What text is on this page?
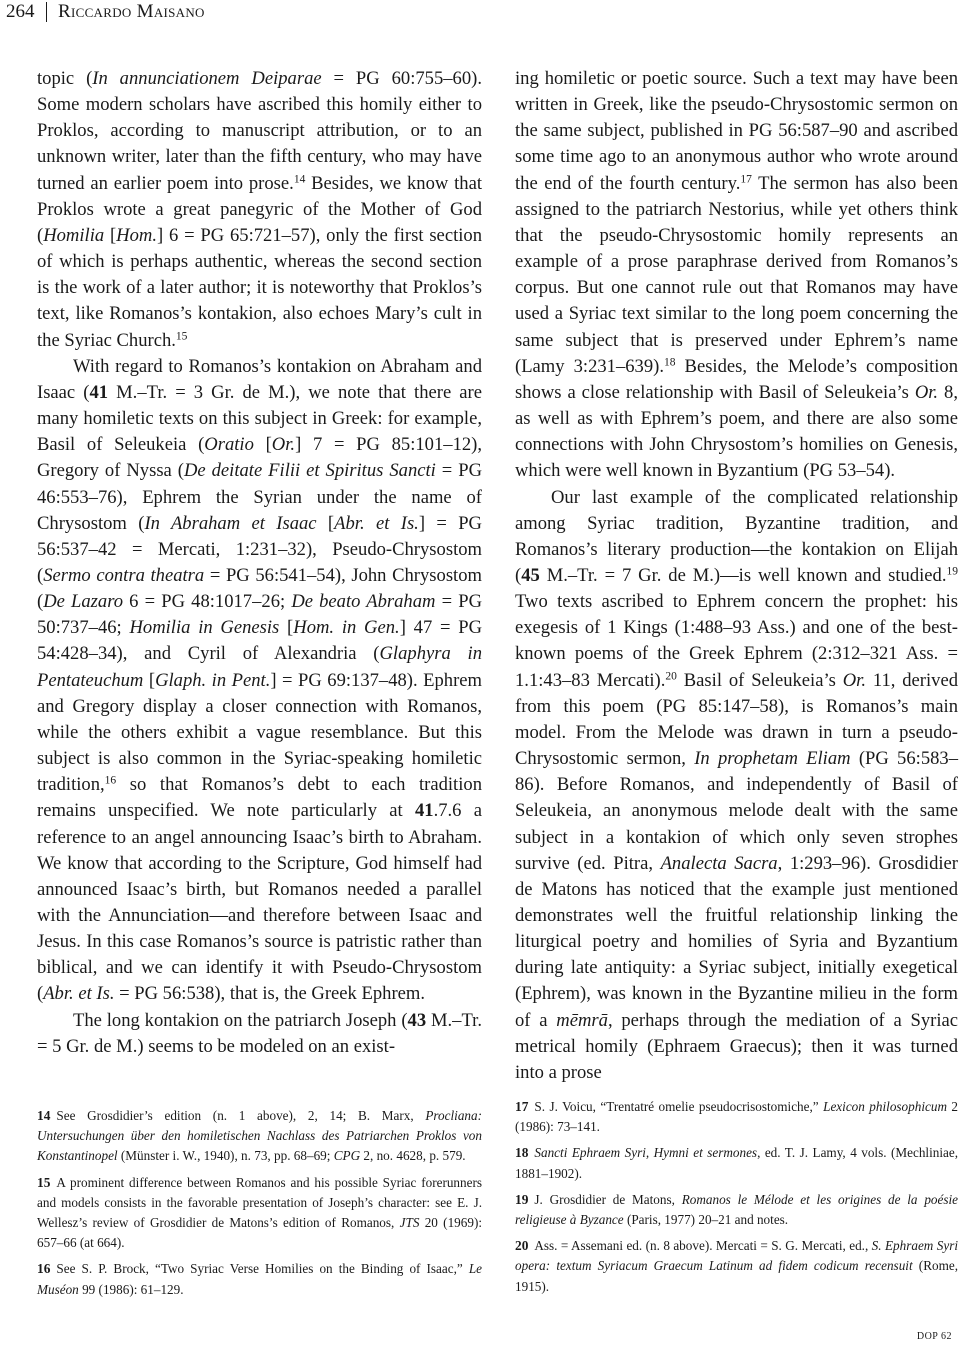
264 Riccardo Maisano

topic (In annunciationem Deiparae = PG 60:755–60). Some modern scholars have ascribed this homily either to Proklos, according to manuscript attribution, or to an unknown writer, later than the fifth century, who may have turned an earlier poem into prose.$^{14}$ Besides, we know that Proklos wrote a great panegyric of the Mother of God (Homilia [Hom.] 6 = PG 65:721–57), only the first section of which is perhaps authentic, whereas the second section is the work of a later author; it is noteworthy that Proklos’s text, like Romanos’s kontakion, also echoes Mary’s cult in the Syriac Church.$^{15}$

With regard to Romanos’s kontakion on Abraham and Isaac (41 M.–Tr. = 3 Gr. de M.), we note that there are many homiletic texts on this subject in Greek: for example, Basil of Seleukeia (Oratio [Or.] 7 = PG 85:101–12), Gregory of Nyssa (De deitate Filii et Spiritus Sancti = PG 46:553–76), Ephrem the Syrian under the name of Chrysostom (In Abraham et Isaac [Abr. et Is.] = PG 56:537–42 = Mercati, 1:231–32), Pseudo-Chrysostom (Sermo contra theatra = PG 56:541–54), John Chrysostom (De Lazaro 6 = PG 48:1017–26; De beato Abraham = PG 50:737–46; Homilia in Genesis [Hom. in Gen.] 47 = PG 54:428–34), and Cyril of Alexandria (Glaphyra in Pentateuchum [Glaph. in Pent.] = PG 69:137–48). Ephrem and Gregory display a closer connection with Romanos, while the others exhibit a vague resemblance. But this subject is also common in the Syriac-speaking homiletic tradition,$^{16}$ so that Romanos’s debt to each tradition remains unspecified. We note particularly at 41.7.6 a reference to an angel announcing Isaac’s birth to Abraham. We know that according to the Scripture, God himself had announced Isaac’s birth, but Romanos needed a parallel with the Annunciation—and therefore between Isaac and Jesus. In this case Romanos’s source is patristic rather than biblical, and we can identify it with Pseudo-Chrysostom (Abr. et Is. = PG 56:538), that is, the Greek Ephrem.

The long kontakion on the patriarch Joseph (43 M.–Tr. = 5 Gr. de M.) seems to be modeled on an exist-

ing homiletic or poetic source. Such a text may have been written in Greek, like the pseudo-Chrysostomic sermon on the same subject, published in PG 56:587–90 and ascribed some time ago to an anonymous author who wrote around the end of the fourth century.$^{17}$ The sermon has also been assigned to the patriarch Nestorius, while yet others think that the pseudo-Chrysostomic homily represents an example of a prose paraphrase derived from Romanos’s corpus. But one cannot rule out that Romanos may have used a Syriac text similar to the long poem concerning the same subject that is preserved under Ephrem’s name (Lamy 3:231–639).$^{18}$ Besides, the Melode’s composition shows a close relationship with Basil of Seleukeia’s Or. 8, as well as with Ephrem’s poem, and there are also some connections with John Chrysostom’s homilies on Genesis, which were well known in Byzantium (PG 53–54).

Our last example of the complicated relationship among Syriac tradition, Byzantine tradition, and Romanos’s literary production—the kontakion on Elijah (45 M.–Tr. = 7 Gr. de M.)—is well known and studied.$^{19}$ Two texts ascribed to Ephrem concern the prophet: his exegesis of 1 Kings (1:488–93 Ass.) and one of the best-known poems of the Greek Ephrem (2:312–321 Ass. = 1.1:43–83 Mercati).$^{20}$ Basil of Seleukeia’s Or. 11, derived from this poem (PG 85:147–58), is Romanos’s main model. From the Melode was drawn in turn a pseudo-Chrysostomic sermon, In prophetam Eliam (PG 56:583–86). Before Romanos, and independently of Basil of Seleukeia, an anonymous melode dealt with the same subject in a kontakion of which only seven strophes survive (ed. Pitra, Analecta Sacra, 1:293–96). Grosdidier de Matons has noticed that the example just mentioned demonstrates well the fruitful relationship linking the liturgical poetry and homilies of Syria and Byzantium during late antiquity: a Syriac subject, initially exegetical (Ephrem), was known in the Byzantine milieu in the form of a mēmrā, perhaps through the mediation of a Syriac metrical homily (Ephraem Graecus); then it was turned into a prose

14 See Grosdidier’s edition (n. 1 above), 2, 14; B. Marx, Procliana: Untersuchungen über den homiletischen Nachlass des Patriarchen Proklos von Konstantinopel (Münster i. W., 1940), n. 73, pp. 68–69; CPG 2, no. 4628, p. 579.

15 A prominent difference between Romanos and his possible Syriac forerunners and models consists in the favorable presentation of Joseph’s character: see E. J. Wellesz’s review of Grosdidier de Matons’s edition of Romanos, JTS 20 (1969): 657–66 (at 664).

16 See S. P. Brock, “Two Syriac Verse Homilies on the Binding of Isaac,” Le Muséon 99 (1986): 61–129.

17 S. J. Voicu, “Trentatré omelie pseudocrisostomiche,” Lexicon philosophicum 2 (1986): 73–141.

18 Sancti Ephraem Syri, Hymni et sermones, ed. T. J. Lamy, 4 vols. (Mechliniae, 1881–1902).

19 J. Grosdidier de Matons, Romanos le Mélode et les origines de la poésie religieuse à Byzance (Paris, 1977) 20–21 and notes.

20 Ass. = Assemani ed. (n. 8 above). Mercati = S. G. Mercati, ed., S. Ephraem Syri opera: textum Syriacum Graecum Latinum ad fidem codicum recensuit (Rome, 1915).

DOP 62
